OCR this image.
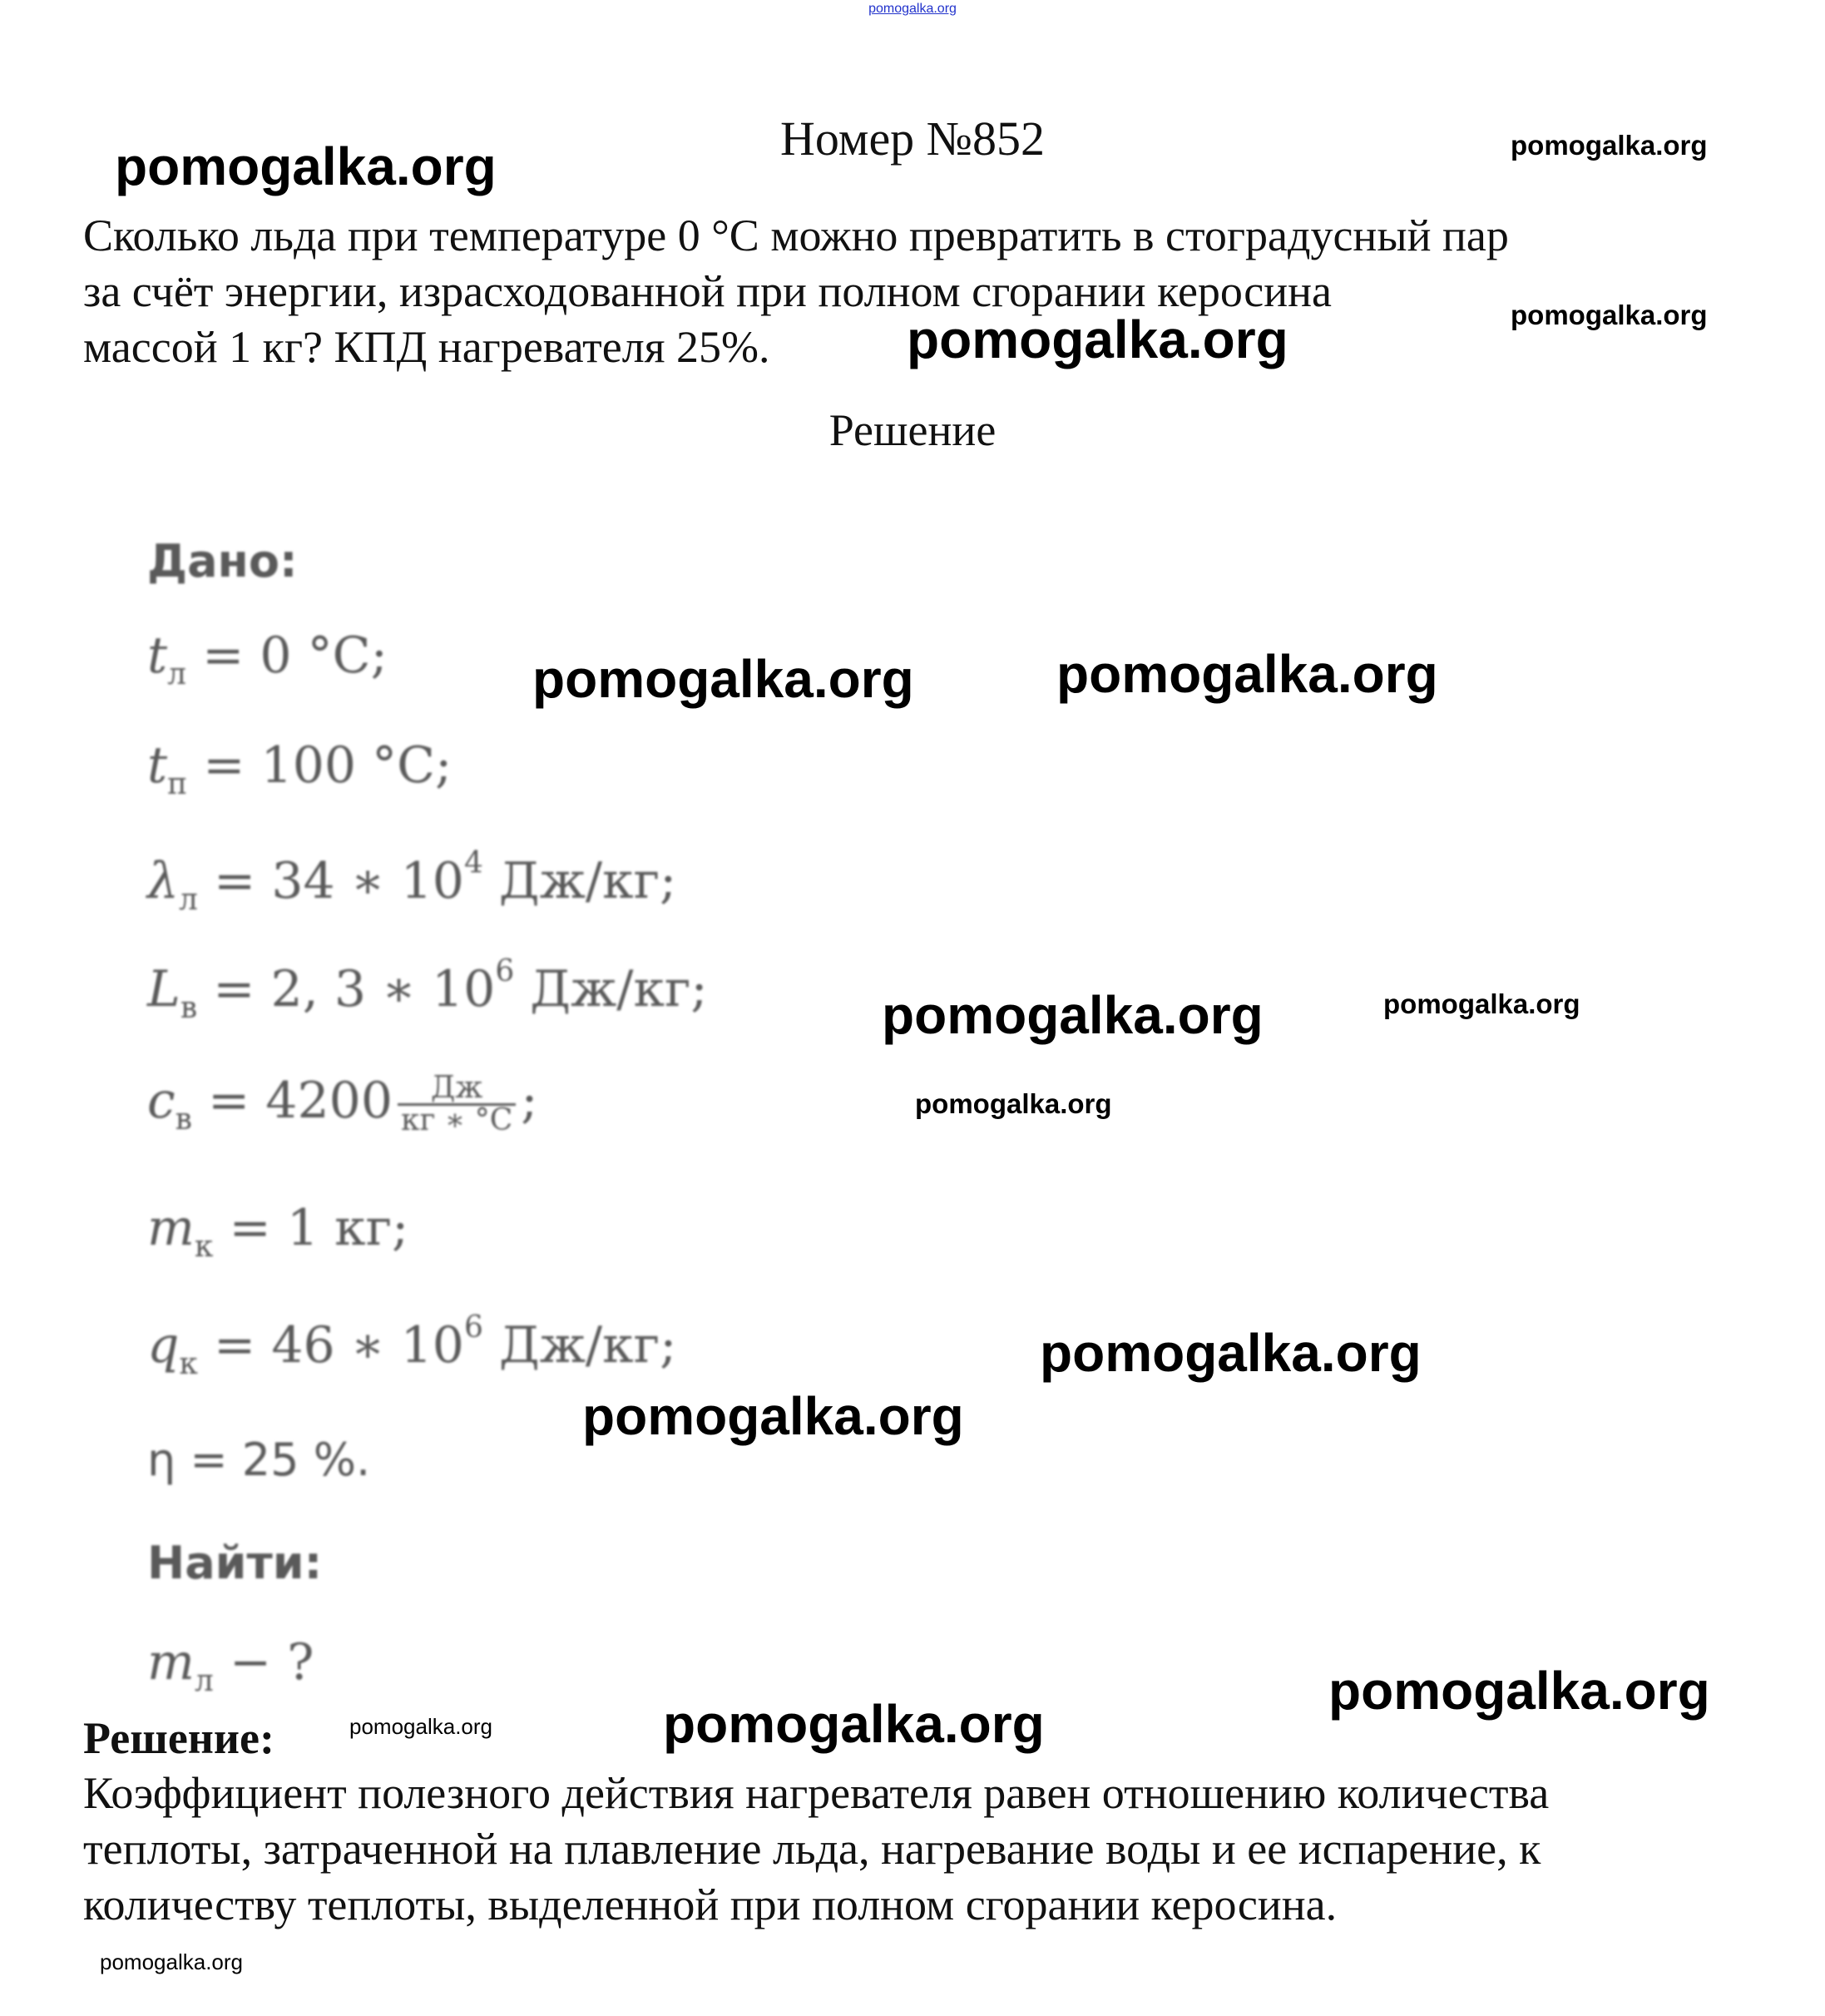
pomogalka.org
Номер №852
Сколько льда при температуре 0 °C можно превратить в стоградусный пар
за счёт энергии, израсходованной при полном сгорании керосина
массой 1 кг? КПД нагревателя 25%.
Решение
Дано:
$t_л = 0$ °C;
$t_п = 100$ °C;
$\lambda_л = 34$ ∗ $10^4$ Дж/кг;
$L_в = 2$, 3 ∗ $10^6$ Дж/кг;
$c_в = 4200 \frac{Дж}{кг ∗ ^\circ C}$ ;
$m_к = 1$ кг;
$q_к = 46$ ∗ $10^6$ Дж/кг;
η = 25 %.
Найти:
$m_л$ − ?
Решение:
Коэффициент полезного действия нагревателя равен отношению количества
теплоты, затраченной на плавление льда, нагревание воды и ее испарение, к
количеству теплоты, выделенной при полном сгорании керосина.
pomogalka.org
pomogalka.org
pomogalka.org
pomogalka.org
pomogalka.org	pomogalka.org
pomogalka.org	pomogalka.org
pomogalka.org
pomogalka.org
pomogalka.org
pomogalka.org
pomogalka.org
pomogalka.org
pomogalka.org
